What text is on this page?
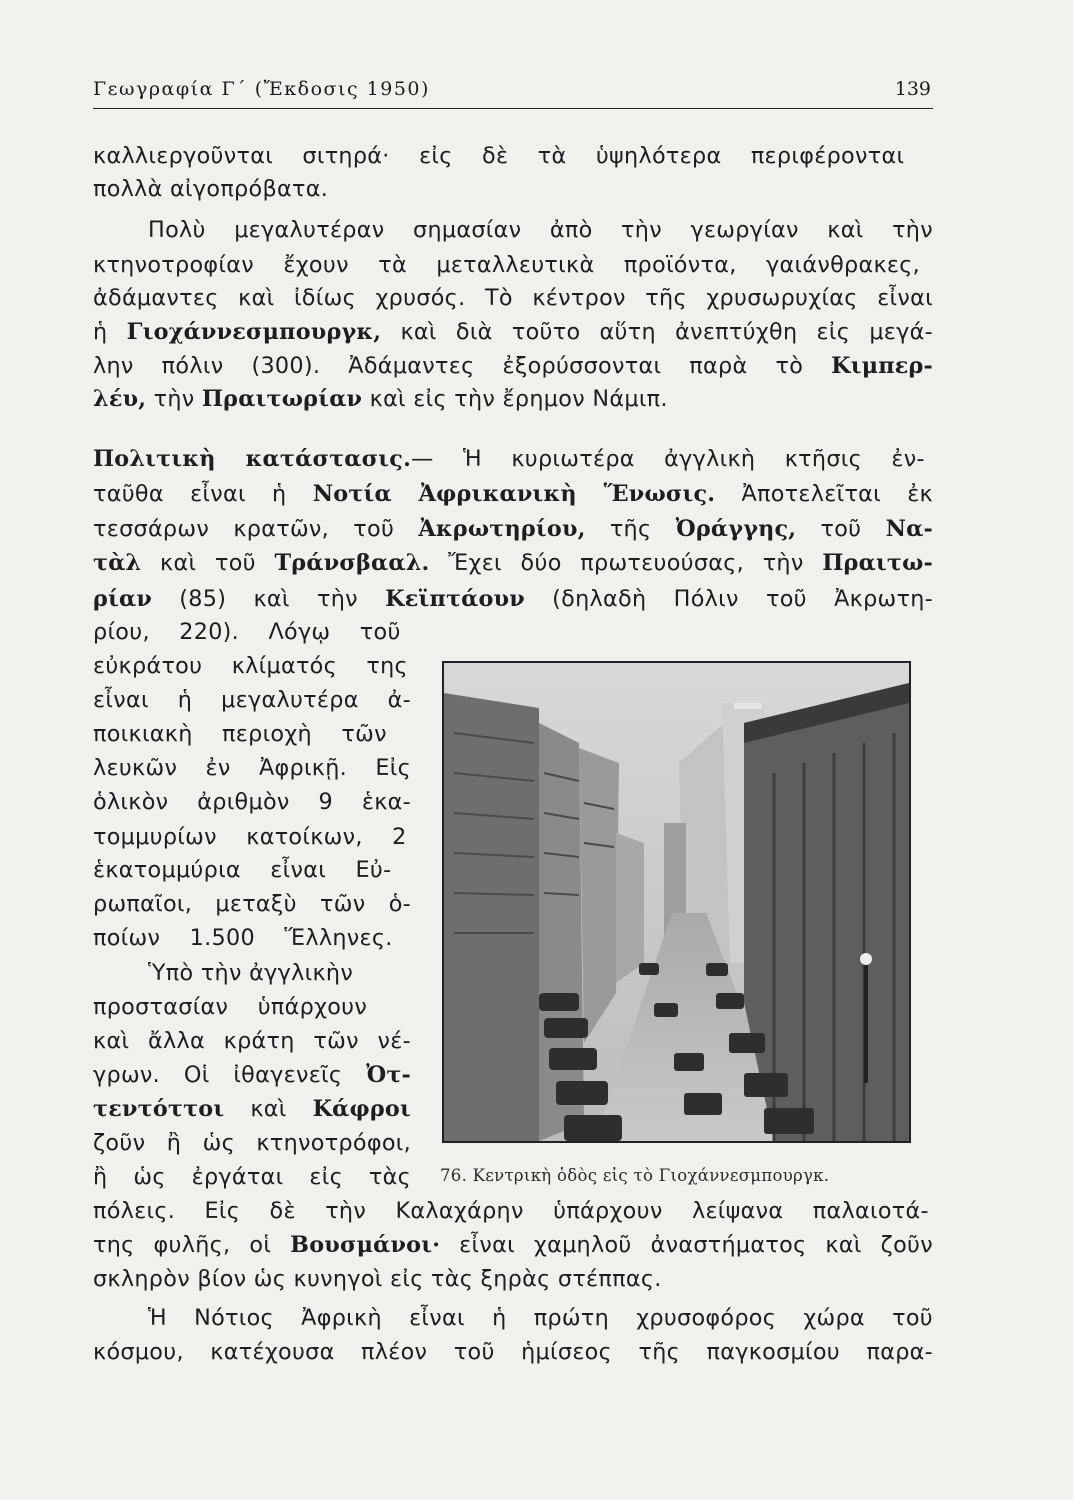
Γεωγραφία Γ΄ (Ἔκδοσις 1950)	139
καλλιεργοῦνται σιτηρά· εἰς δὲ τὰ ὑψηλότερα περιφέρονται
πολλὰ αἰγοπρόβατα.
Πολὺ μεγαλυτέραν σημασίαν ἀπὸ τὴν γεωργίαν καὶ τὴν
κτηνοτροφίαν ἔχουν τὰ μεταλλευτικὰ προϊόντα, γαιάνθρακες,
ἀδάμαντες καὶ ἰδίως χρυσός. Τὸ κέντρον τῆς χρυσωρυχίας εἶναι
ἡ Γιοχάννεσμπουργκ, καὶ διὰ τοῦτο αὕτη ἀνεπτύχθη εἰς μεγά-
λην πόλιν (300). Ἀδάμαντες ἐξορύσσονται παρὰ τὸ Κιμπερ-
λέυ, τὴν Πραιτωρίαν καὶ εἰς τὴν ἔρημον Νάμιπ.
Πολιτικὴ κατάστασις.— Ἡ κυριωτέρα ἀγγλικὴ κτῆσις ἐν-
ταῦθα εἶναι ἡ Νοτία Ἀφρικανικὴ Ἕνωσις. Ἀποτελεῖται ἐκ
τεσσάρων κρατῶν, τοῦ Ἀκρωτηρίου, τῆς Ὀράγγης, τοῦ Να-
τὰλ καὶ τοῦ Τράνσβααλ. Ἔχει δύο πρωτευούσας, τὴν Πραιτω-
ρίαν (85) καὶ τὴν Κεϊπτάουν (δηλαδὴ Πόλιν τοῦ Ἀκρωτη-
ρίου, 220). Λόγῳ τοῦ
εὐκράτου κλίματός της
εἶναι ἡ μεγαλυτέρα ἀ-
ποικιακὴ περιοχὴ τῶν
λευκῶν ἐν Ἀφρικῇ. Εἰς
ὁλικὸν ἀριθμὸν 9 ἑκα-
τομμυρίων κατοίκων, 2
ἑκατομμύρια εἶναι Εὐ-
ρωπαῖοι, μεταξὺ τῶν ὁ-
ποίων 1.500 Ἕλληνες.
Ὑπὸ τὴν ἀγγλικὴν
προστασίαν ὑπάρχουν
καὶ ἄλλα κράτη τῶν νέ-
γρων. Οἱ ἰθαγενεῖς Ὀτ-
τεντόττοι καὶ Κάφροι
ζοῦν ἢ ὡς κτηνοτρόφοι,
ἢ ὡς ἐργάται εἰς τὰς
πόλεις. Εἰς δὲ τὴν Καλαχάρην ὑπάρχουν λείψανα παλαιοτά-
της φυλῆς, οἱ Βουσμάνοι· εἶναι χαμηλοῦ ἀναστήματος καὶ ζοῦν
σκληρὸν βίον ὡς κυνηγοὶ εἰς τὰς ξηρὰς στέππας.
Ἡ Νότιος Ἀφρικὴ εἶναι ἡ πρώτη χρυσοφόρος χώρα τοῦ
κόσμου, κατέχουσα πλέον τοῦ ἡμίσεος τῆς παγκοσμίου παρα-
76. Κεντρικὴ ὁδὸς εἰς τὸ Γιοχάννεσμπουργκ.
